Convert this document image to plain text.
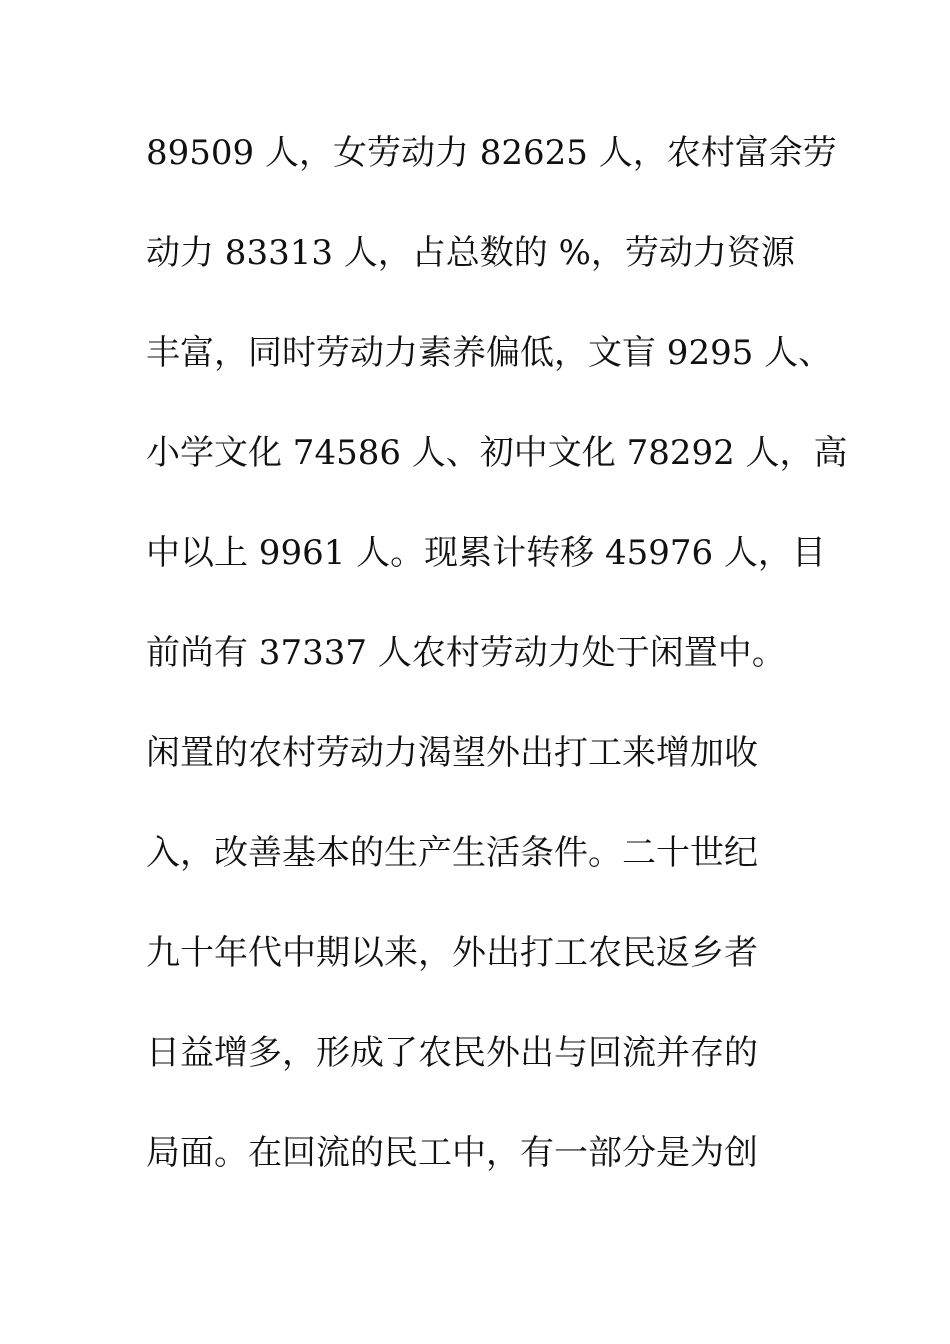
89509 人，女劳动力 82625 人，农村富余劳
动力 83313 人，占总数的 %，劳动力资源
丰富，同时劳动力素养偏低，文盲 9295 人、
小学文化 74586 人、初中文化 78292 人，高
中以上 9961 人。现累计转移 45976 人，目
前尚有 37337 人农村劳动力处于闲置中。
闲置的农村劳动力渴望外出打工来增加收
入，改善基本的生产生活条件。二十世纪
九十年代中期以来，外出打工农民返乡者
日益增多，形成了农民外出与回流并存的
局面。在回流的民工中，有一部分是为创
